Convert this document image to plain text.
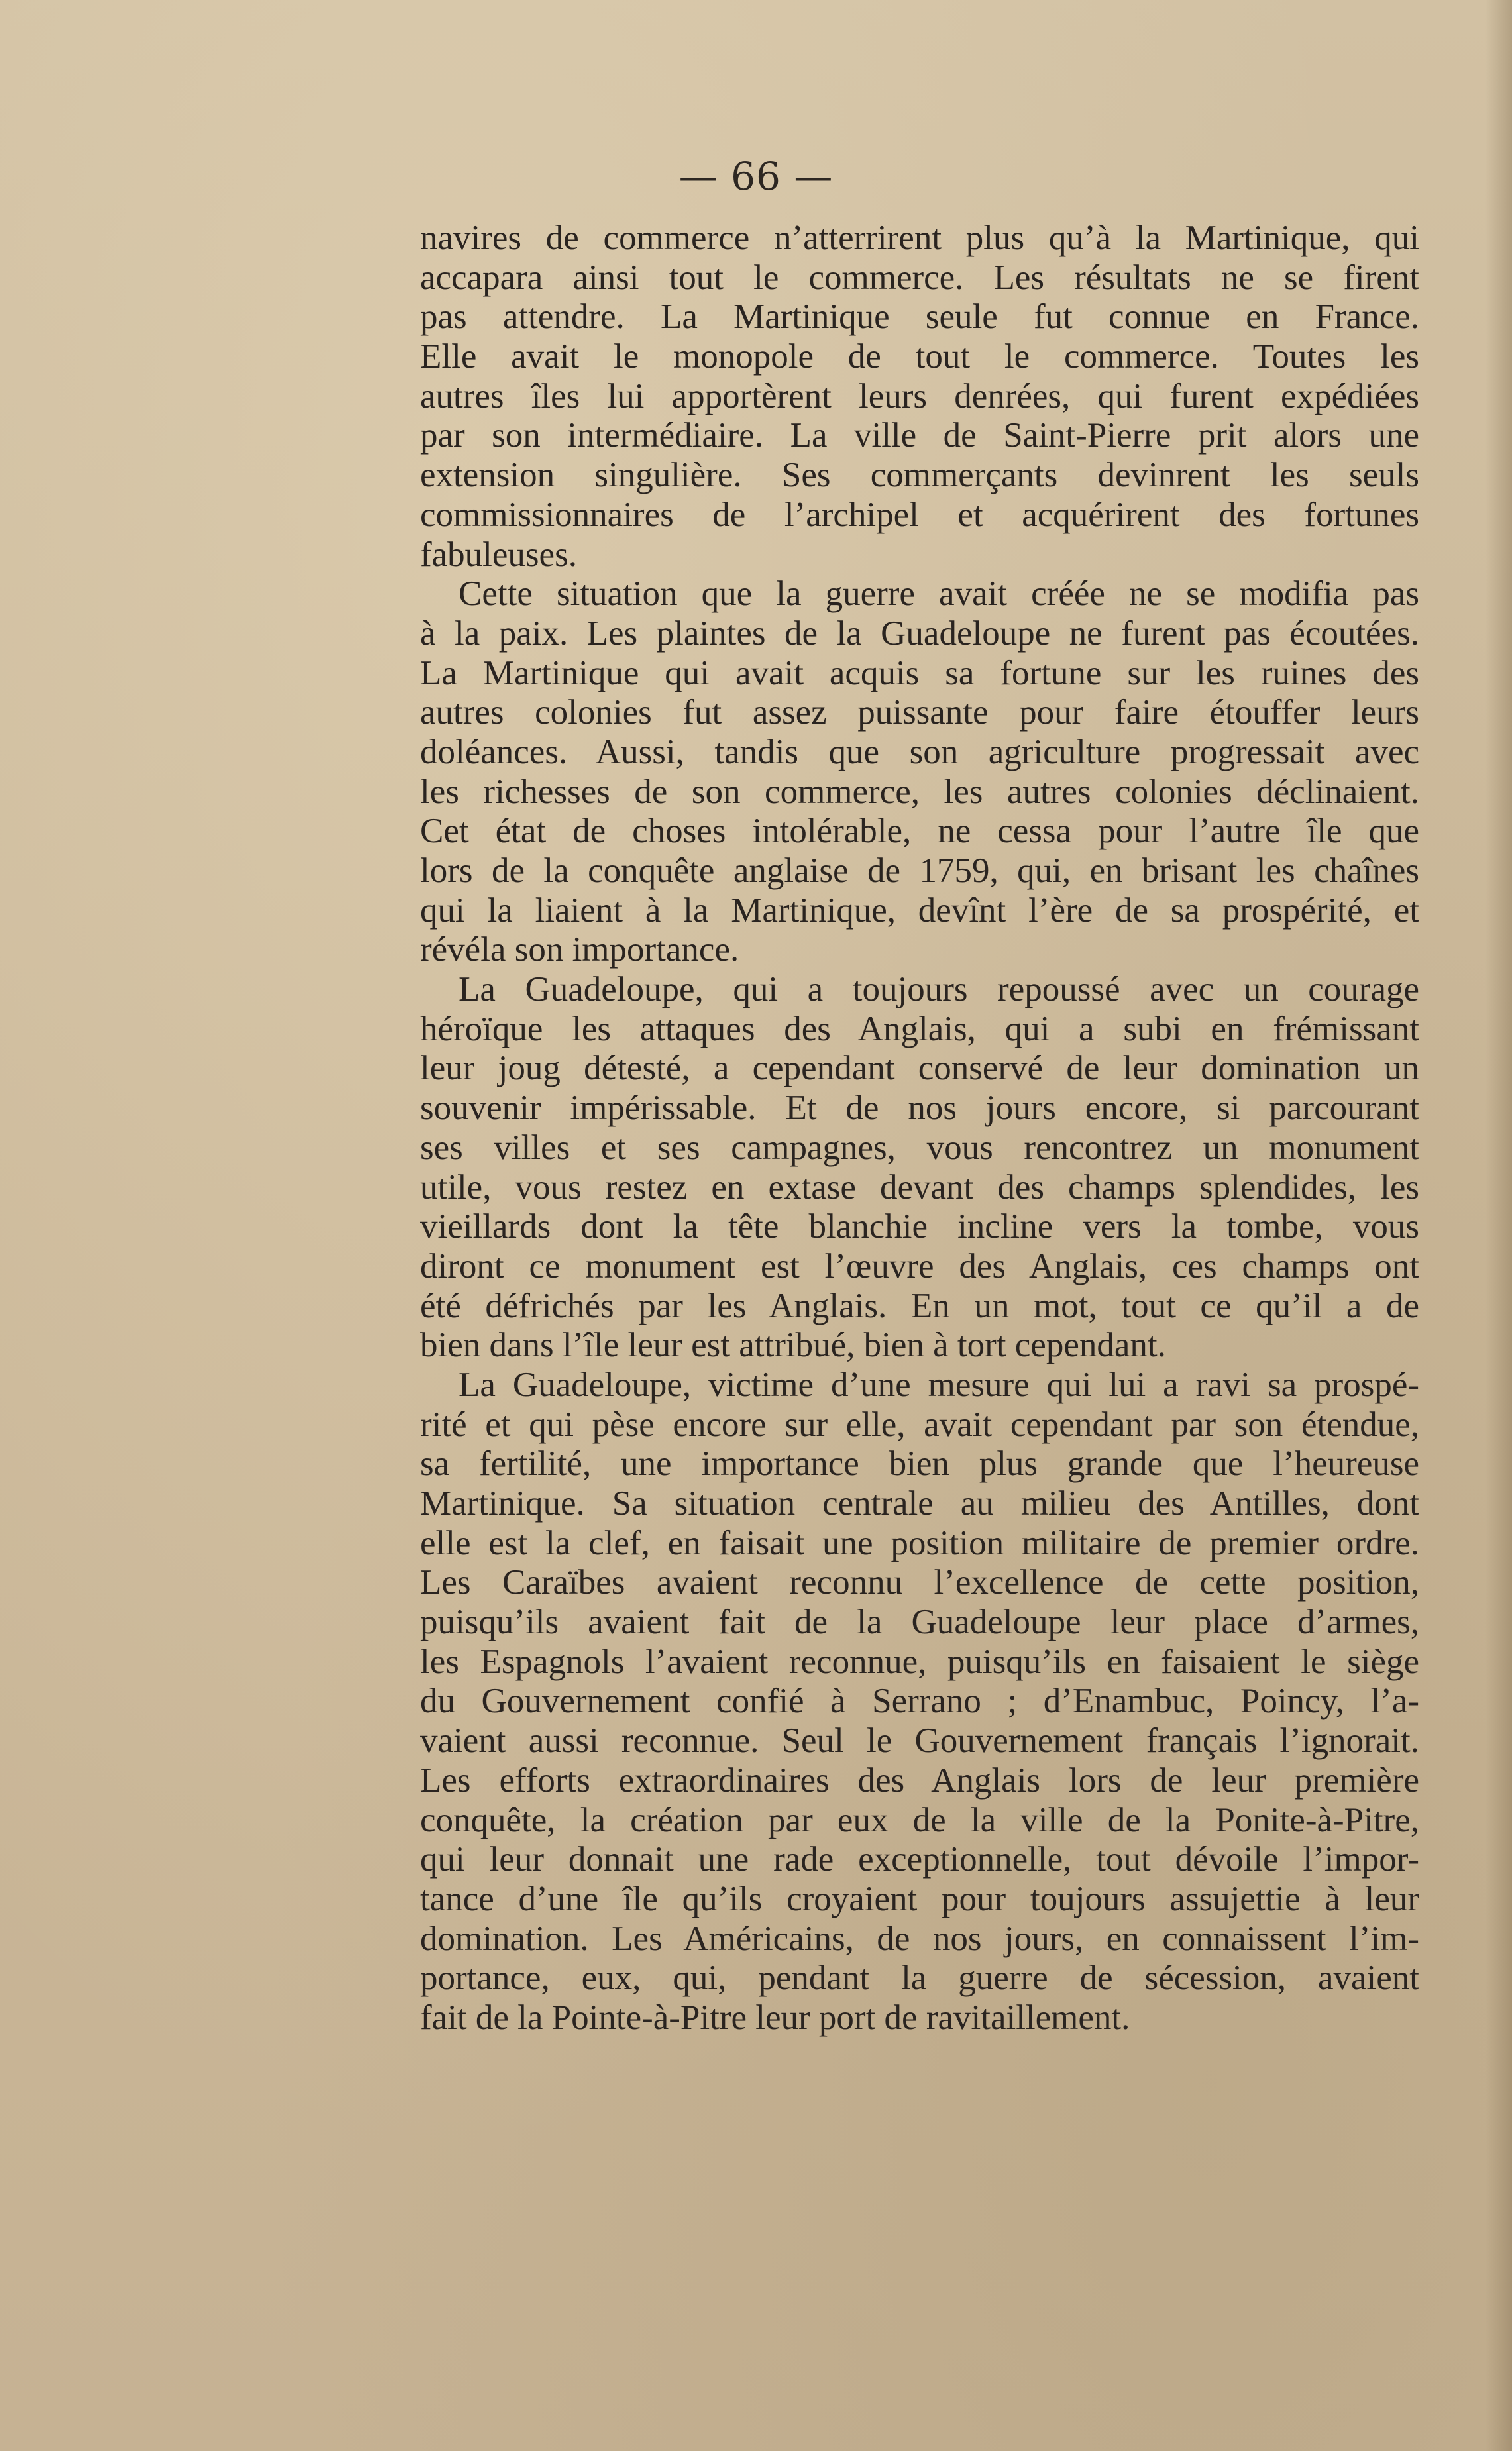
— 66 —
navires de commerce n’atterrirent plus qu’à la Martinique, qui
accapara ainsi tout le commerce. Les résultats ne se firent
pas attendre. La Martinique seule fut connue en France.
Elle avait le monopole de tout le commerce. Toutes les
autres îles lui apportèrent leurs denrées, qui furent expédiées
par son intermédiaire. La ville de Saint-Pierre prit alors une
extension singulière. Ses commerçants devinrent les seuls
commissionnaires de l’archipel et acquérirent des fortunes
fabuleuses.
Cette situation que la guerre avait créée ne se modifia pas
à la paix. Les plaintes de la Guadeloupe ne furent pas écoutées.
La Martinique qui avait acquis sa fortune sur les ruines des
autres colonies fut assez puissante pour faire étouffer leurs
doléances. Aussi, tandis que son agriculture progressait avec
les richesses de son commerce, les autres colonies déclinaient.
Cet état de choses intolérable, ne cessa pour l’autre île que
lors de la conquête anglaise de 1759, qui, en brisant les chaînes
qui la liaient à la Martinique, devînt l’ère de sa prospérité, et
révéla son importance.
La Guadeloupe, qui a toujours repoussé avec un courage
héroïque les attaques des Anglais, qui a subi en frémissant
leur joug détesté, a cependant conservé de leur domination un
souvenir impérissable. Et de nos jours encore, si parcourant
ses villes et ses campagnes, vous rencontrez un monument
utile, vous restez en extase devant des champs splendides, les
vieillards dont la tête blanchie incline vers la tombe, vous
diront ce monument est l’œuvre des Anglais, ces champs ont
été défrichés par les Anglais. En un mot, tout ce qu’il a de
bien dans l’île leur est attribué, bien à tort cependant.
La Guadeloupe, victime d’une mesure qui lui a ravi sa prospé-
rité et qui pèse encore sur elle, avait cependant par son étendue,
sa fertilité, une importance bien plus grande que l’heureuse
Martinique. Sa situation centrale au milieu des Antilles, dont
elle est la clef, en faisait une position militaire de premier ordre.
Les Caraïbes avaient reconnu l’excellence de cette position,
puisqu’ils avaient fait de la Guadeloupe leur place d’armes,
les Espagnols l’avaient reconnue, puisqu’ils en faisaient le siège
du Gouvernement confié à Serrano ; d’Enambuc, Poincy, l’a-
vaient aussi reconnue. Seul le Gouvernement français l’ignorait.
Les efforts extraordinaires des Anglais lors de leur première
conquête, la création par eux de la ville de la Ponite-à-Pitre,
qui leur donnait une rade exceptionnelle, tout dévoile l’impor-
tance d’une île qu’ils croyaient pour toujours assujettie à leur
domination. Les Américains, de nos jours, en connaissent l’im-
portance, eux, qui, pendant la guerre de sécession, avaient
fait de la Pointe-à-Pitre leur port de ravitaillement.
